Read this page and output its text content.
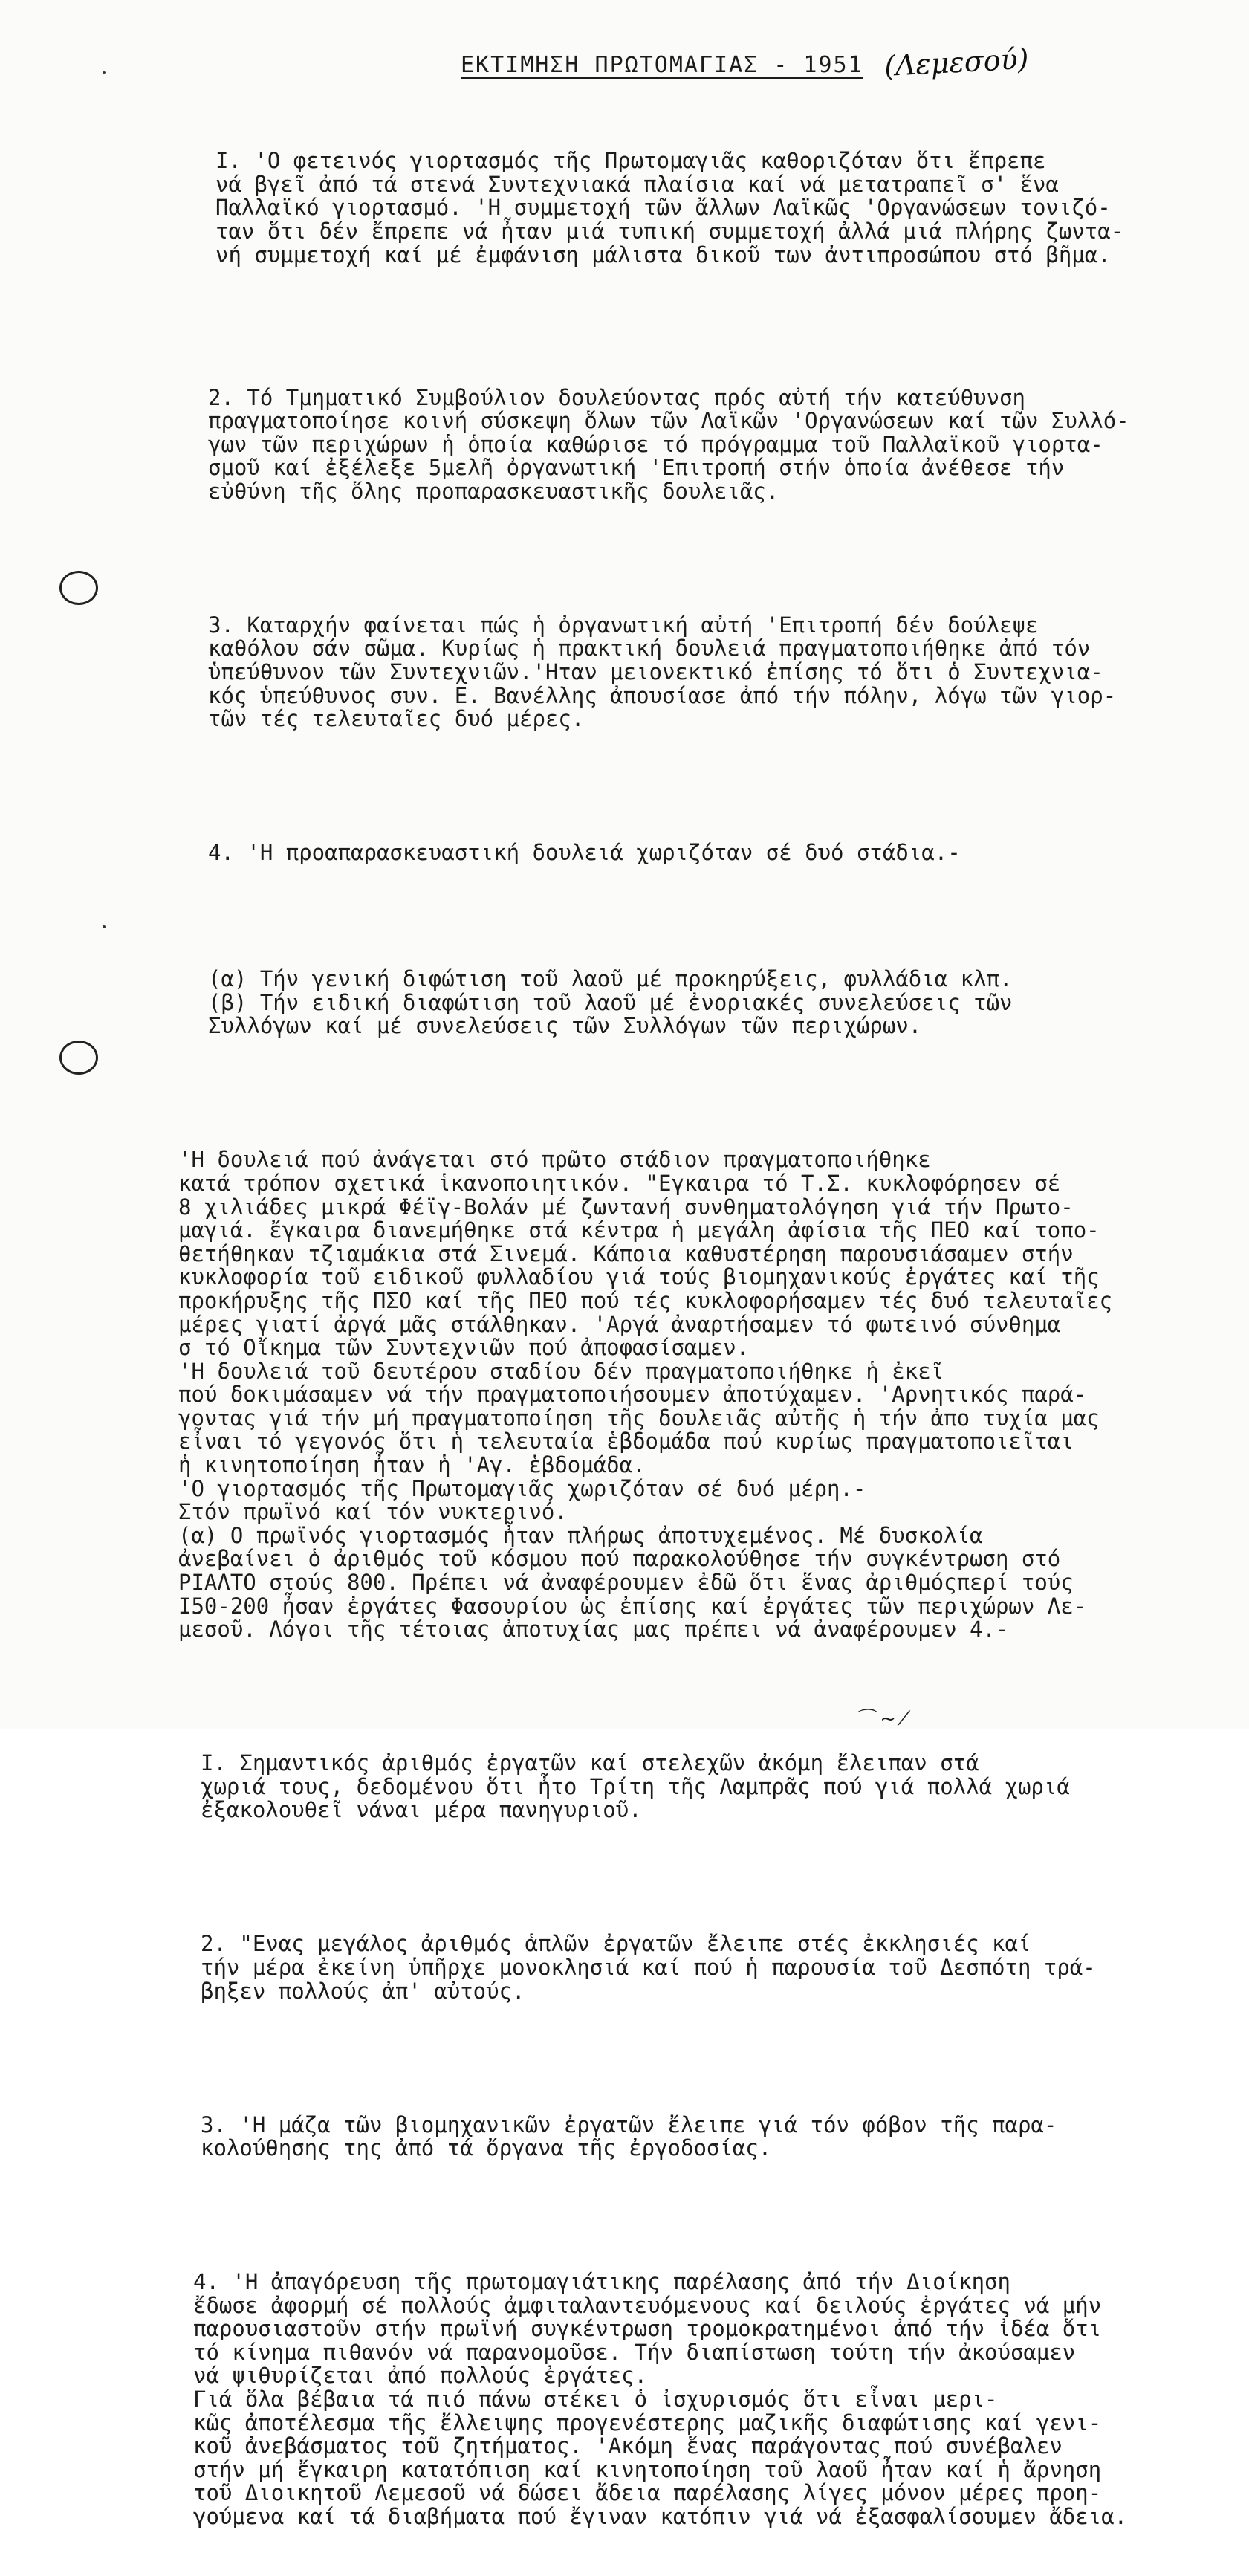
ΕΚΤΙΜΗΣΗ ΠΡΩΤΟΜΑΓΙΑΣ - 1951 (Λεμεσού)

Ι. 'Ο φετεινός γιορτασμός τῆς Πρωτομαγιᾶς καθοριζόταν ὅτι ἔπρεπε
νά βγεῖ ἀπό τά στενά Συντεχνιακά πλαίσια καί νά μετατραπεῖ σ' ἕνα
Παλλαϊκό γιορτασμό. 'Η συμμετοχή τῶν ἄλλων Λαϊκῶς 'Οργανώσεων τονιζό-
ταν ὅτι δέν ἔπρεπε νά ἦταν μιά τυπική συμμετοχή ἀλλά μιά πλήρης ζωντα-
νή συμμετοχή καί μέ ἐμφάνιση μάλιστα δικοῦ των ἀντιπροσώπου στό βῆμα.

2. Τό Τμηματικό Συμβούλιον δουλεύοντας πρός αὐτή τήν κατεύθυνση
πραγματοποίησε κοινή σύσκεψη ὅλων τῶν Λαϊκῶν 'Οργανώσεων καί τῶν Συλλό-
γων τῶν περιχώρων ἡ ὁποία καθώρισε τό πρόγραμμα τοῦ Παλλαϊκοῦ γιορτα-
σμοῦ καί ἐξέλεξε 5μελῆ ὀργανωτική 'Επιτροπή στήν ὁποία ἀνέθεσε τήν
εὐθύνη τῆς ὅλης προπαρασκευαστικῆς δουλειᾶς.

3. Καταρχήν φαίνεται πώς ἡ ὀργανωτική αὐτή 'Επιτροπή δέν δούλεψε
καθόλου σάν σῶμα. Κυρίως ἡ πρακτική δουλειά πραγματοποιήθηκε ἀπό τόν
ὑπεύθυνον τῶν Συντεχνιῶν.'Ηταν μειονεκτικό ἐπίσης τό ὅτι ὁ Συντεχνια-
κός ὑπεύθυνος συν. Ε. Βανέλλης ἀπουσίασε ἀπό τήν πόλην, λόγω τῶν γιορ-
τῶν τές τελευταῖες δυό μέρες.

4. 'Η προαπαρασκευαστική δουλειά χωριζόταν σέ δυό στάδια.-

(α) Τήν γενική διφώτιση τοῦ λαοῦ μέ προκηρύξεις, φυλλάδια κλπ.
(β) Τήν ειδική διαφώτιση τοῦ λαοῦ μέ ἐνοριακές συνελεύσεις τῶν
Συλλόγων καί μέ συνελεύσεις τῶν Συλλόγων τῶν περιχώρων.

'Η δουλειά πού ἀνάγεται στό πρῶτο στάδιον πραγματοποιήθηκε
κατά τρόπον σχετικά ἱκανοποιητικόν. "Εγκαιρα τό Τ.Σ. κυκλοφόρησεν σέ
8 χιλιάδες μικρά Φέϊγ-Βολάν μέ ζωντανή συνθηματολόγηση γιά τήν Πρωτο-
μαγιά. ἔγκαιρα διανεμήθηκε στά κέντρα ἡ μεγάλη ἀφίσια τῆς ΠΕΟ καί τοπο-
θετήθηκαν τζιαμάκια στά Σινεμά. Κάποια καθυστέρηση παρουσιάσαμεν στήν
κυκλοφορία τοῦ ειδικοῦ φυλλαδίου γιά τούς βιομηχανικούς ἐργάτες καί τῆς
προκήρυξης τῆς ΠΣΟ καί τῆς ΠΕΟ πού τές κυκλοφορήσαμεν τές δυό τελευταῖες
μέρες γιατί ἀργά μᾶς στάλθηκαν. 'Αργά ἀναρτήσαμεν τό φωτεινό σύνθημα
σ τό Οἴκημα τῶν Συντεχνιῶν πού ἀποφασίσαμεν.
'Η δουλειά τοῦ δευτέρου σταδίου δέν πραγματοποιήθηκε ἡ ἐκεῖ
πού δοκιμάσαμεν νά τήν πραγματοποιήσουμεν ἀποτύχαμεν. 'Αρνητικός παρά-
γοντας γιά τήν μή πραγματοποίηση τῆς δουλειᾶς αὐτῆς ἡ τήν ἀπο τυχία μας
εἶναι τό γεγονός ὅτι ἡ τελευταία ἑβδομάδα πού κυρίως πραγματοποιεῖται
ἡ κινητοποίηση ἦταν ἡ 'Αγ. ἑβδομάδα.
'Ο γιορτασμός τῆς Πρωτομαγιᾶς χωριζόταν σέ δυό μέρη.-
Στόν πρωϊνό καί τόν νυκτερινό.
(α) Ο πρωϊνός γιορτασμός ἦταν πλήρως ἀποτυχεμένος. Μέ δυσκολία
ἀνεβαίνει ὁ ἀριθμός τοῦ κόσμου πού παρακολούθησε τήν συγκέντρωση στό
ΡΙΑΛΤΟ στούς 800. Πρέπει νά ἀναφέρουμεν ἐδῶ ὅτι ἕνας ἀριθμόςπερί τούς
Ι50-200 ἦσαν ἐργάτες Φασουρίου ὡς ἐπίσης καί ἐργάτες τῶν περιχώρων Λε-
μεσοῦ. Λόγοι τῆς τέτοιας ἀποτυχίας μας πρέπει νά ἀναφέρουμεν 4.-

Ι. Σημαντικός ἀριθμός ἐργατῶν καί στελεχῶν ἀκόμη ἔλειπαν στά
χωριά τους, δεδομένου ὅτι ἦτο Τρίτη τῆς Λαμπρᾶς πού γιά πολλά χωριά
ἐξακολουθεῖ νάναι μέρα πανηγυριοῦ.

2. "Ενας μεγάλος ἀριθμός ἁπλῶν ἐργατῶν ἔλειπε στές ἐκκλησιές καί
τήν μέρα ἐκείνη ὑπῆρχε μονοκλησιά καί πού ἡ παρουσία τοῦ Δεσπότη τρά-
βηξεν πολλούς ἀπ' αὐτούς.

3. 'Η μάζα τῶν βιομηχανικῶν ἐργατῶν ἔλειπε γιά τόν φόβον τῆς παρα-
κολούθησης της ἀπό τά ὄργανα τῆς ἐργοδοσίας.

4. 'Η ἀπαγόρευση τῆς πρωτομαγιάτικης παρέλασης ἀπό τήν Διοίκηση
ἔδωσε ἀφορμή σέ πολλούς ἀμφιταλαντευόμενους καί δειλούς ἐργάτες νά μήν
παρουσιαστοῦν στήν πρωϊνή συγκέντρωση τρομοκρατημένοι ἀπό τήν ἰδέα ὅτι
τό κίνημα πιθανόν νά παρανομοῦσε. Τήν διαπίστωση τούτη τήν ἀκούσαμεν
νά ψιθυρίζεται ἀπό πολλούς ἐργάτες.
Γιά ὅλα βέβαια τά πιό πάνω στέκει ὁ ἰσχυρισμός ὅτι εἶναι μερι-
κῶς ἀποτέλεσμα τῆς ἔλλειψης προγενέστερης μαζικῆς διαφώτισης καί γενι-
κοῦ ἀνεβάσματος τοῦ ζητήματος. 'Ακόμη ἕνας παράγοντας πού συνέβαλεν
στήν μή ἔγκαιρη κατατόπιση καί κινητοποίηση τοῦ λαοῦ ἦταν καί ἡ ἄρνηση
τοῦ Διοικητοῦ Λεμεσοῦ νά δώσει ἄδεια παρέλασης λίγες μόνον μέρες προη-
γούμενα καί τά διαβήματα πού ἔγιναν κατόπιν γιά νά ἐξασφαλίσουμεν ἄδεια.

⌒ ~ ⁄
